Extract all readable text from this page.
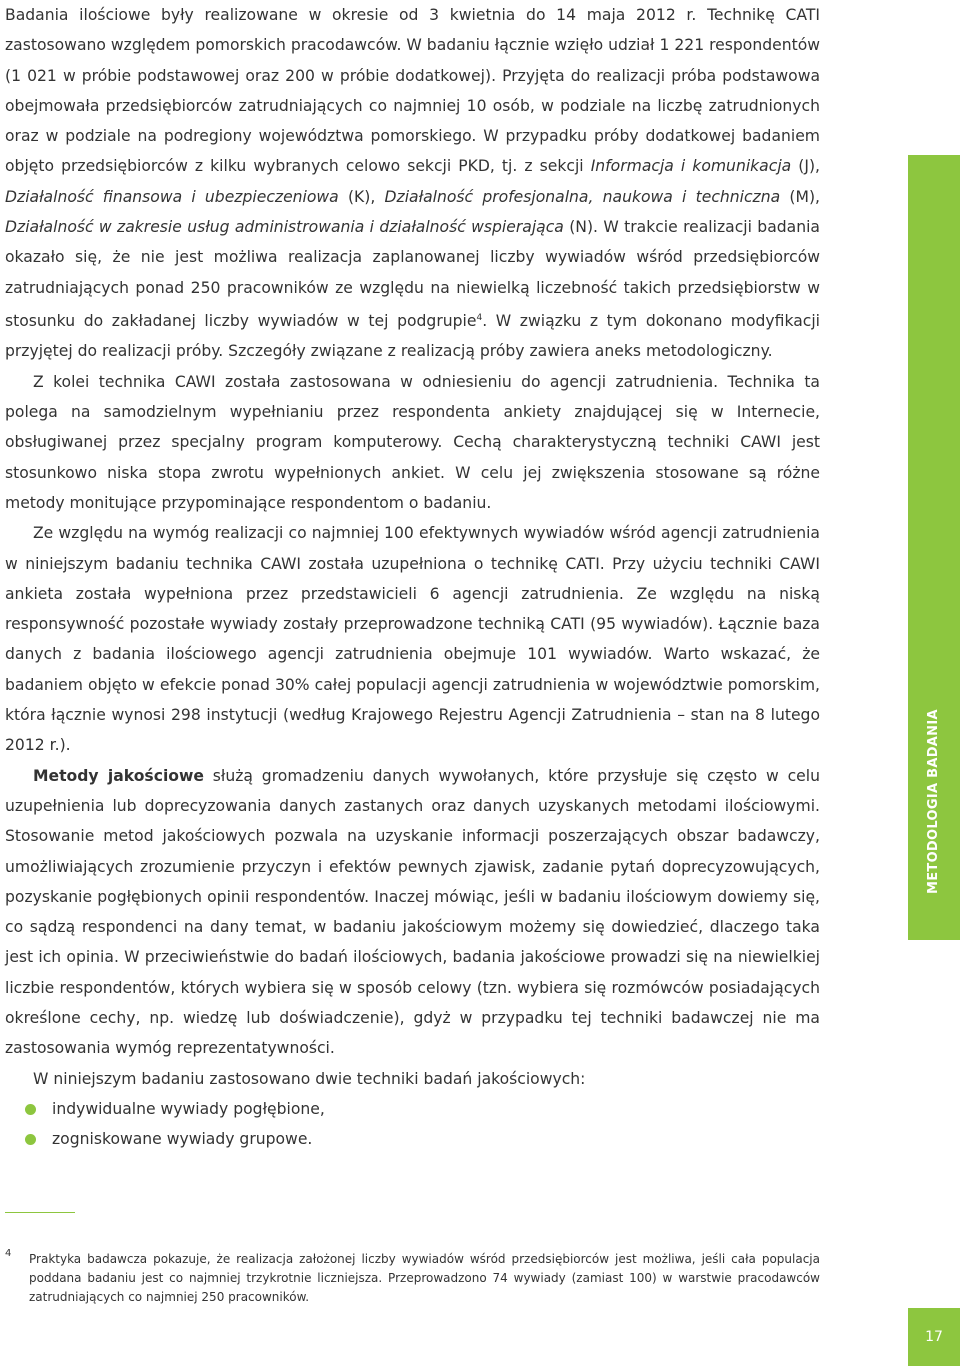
Badania ilościowe były realizowane w okresie od 3 kwietnia do 14 maja 2012 r. Technikę CATI zastosowano względem pomorskich pracodawców. W badaniu łącznie wzięło udział 1 221 respondentów (1 021 w próbie podstawowej oraz 200 w próbie dodatkowej). Przyjęta do realizacji próba podstawowa obejmowała przedsiębiorców zatrudniających co najmniej 10 osób, w podziale na liczbę zatrudnionych oraz w podziale na podregiony województwa pomorskiego. W przypadku próby dodatkowej badaniem objęto przedsiębiorców z kilku wybranych celowo sekcji PKD, tj. z sekcji Informacja i komunikacja (J), Działalność finansowa i ubezpieczeniowa (K), Działalność profesjonalna, naukowa i techniczna (M), Działalność w zakresie usług administrowania i działalność wspierająca (N). W trakcie realizacji badania okazało się, że nie jest możliwa realizacja zaplanowanej liczby wywiadów wśród przedsiębiorców zatrudniających ponad 250 pracowników ze względu na niewielką liczebność takich przedsiębiorstw w stosunku do zakładanej liczby wywiadów w tej podgrupie$^4$. W związku z tym dokonano modyfikacji przyjętej do realizacji próby. Szczegóły związane z realizacją próby zawiera aneks metodologiczny.

Z kolei technika CAWI została zastosowana w odniesieniu do agencji zatrudnienia. Technika ta polega na samodzielnym wypełnianiu przez respondenta ankiety znajdującej się w Internecie, obsługiwanej przez specjalny program komputerowy. Cechą charakterystyczną techniki CAWI jest stosunkowo niska stopa zwrotu wypełnionych ankiet. W celu jej zwiększenia stosowane są różne metody monitujące przypominające respondentom o badaniu.

Ze względu na wymóg realizacji co najmniej 100 efektywnych wywiadów wśród agencji zatrudnienia w niniejszym badaniu technika CAWI została uzupełniona o technikę CATI. Przy użyciu techniki CAWI ankieta została wypełniona przez przedstawicieli 6 agencji zatrudnienia. Ze względu na niską responsywność pozostałe wywiady zostały przeprowadzone techniką CATI (95 wywiadów). Łącznie baza danych z badania ilościowego agencji zatrudnienia obejmuje 101 wywiadów. Warto wskazać, że badaniem objęto w efekcie ponad 30% całej populacji agencji zatrudnienia w województwie pomorskim, która łącznie wynosi 298 instytucji (według Krajowego Rejestru Agencji Zatrudnienia – stan na 8 lutego 2012 r.).

Metody jakościowe służą gromadzeniu danych wywołanych, które przysłuje się często w celu uzupełnienia lub doprecyzowania danych zastanych oraz danych uzyskanych metodami ilościowymi. Stosowanie metod jakościowych pozwala na uzyskanie informacji poszerzających obszar badawczy, umożliwiających zrozumienie przyczyn i efektów pewnych zjawisk, zadanie pytań doprecyzowujących, pozyskanie pogłębionych opinii respondentów. Inaczej mówiąc, jeśli w badaniu ilościowym dowiemy się, co sądzą respondenci na dany temat, w badaniu jakościowym możemy się dowiedzieć, dlaczego taka jest ich opinia. W przeciwieństwie do badań ilościowych, badania jakościowe prowadzi się na niewielkiej liczbie respondentów, których wybiera się w sposób celowy (tzn. wybiera się rozmówców posiadających określone cechy, np. wiedzę lub doświadczenie), gdyż w przypadku tej techniki badawczej nie ma zastosowania wymóg reprezentatywności.

W niniejszym badaniu zastosowano dwie techniki badań jakościowych:

indywidualne wywiady pogłębione,
zogniskowane wywiady grupowe.
METODOLOGIA BADANIA
4 Praktyka badawcza pokazuje, że realizacja założonej liczby wywiadów wśród przedsiębiorców jest możliwa, jeśli cała populacja poddana badaniu jest co najmniej trzykrotnie liczniejsza. Przeprowadzono 74 wywiady (zamiast 100) w warstwie pracodawców zatrudniających co najmniej 250 pracowników.
17
